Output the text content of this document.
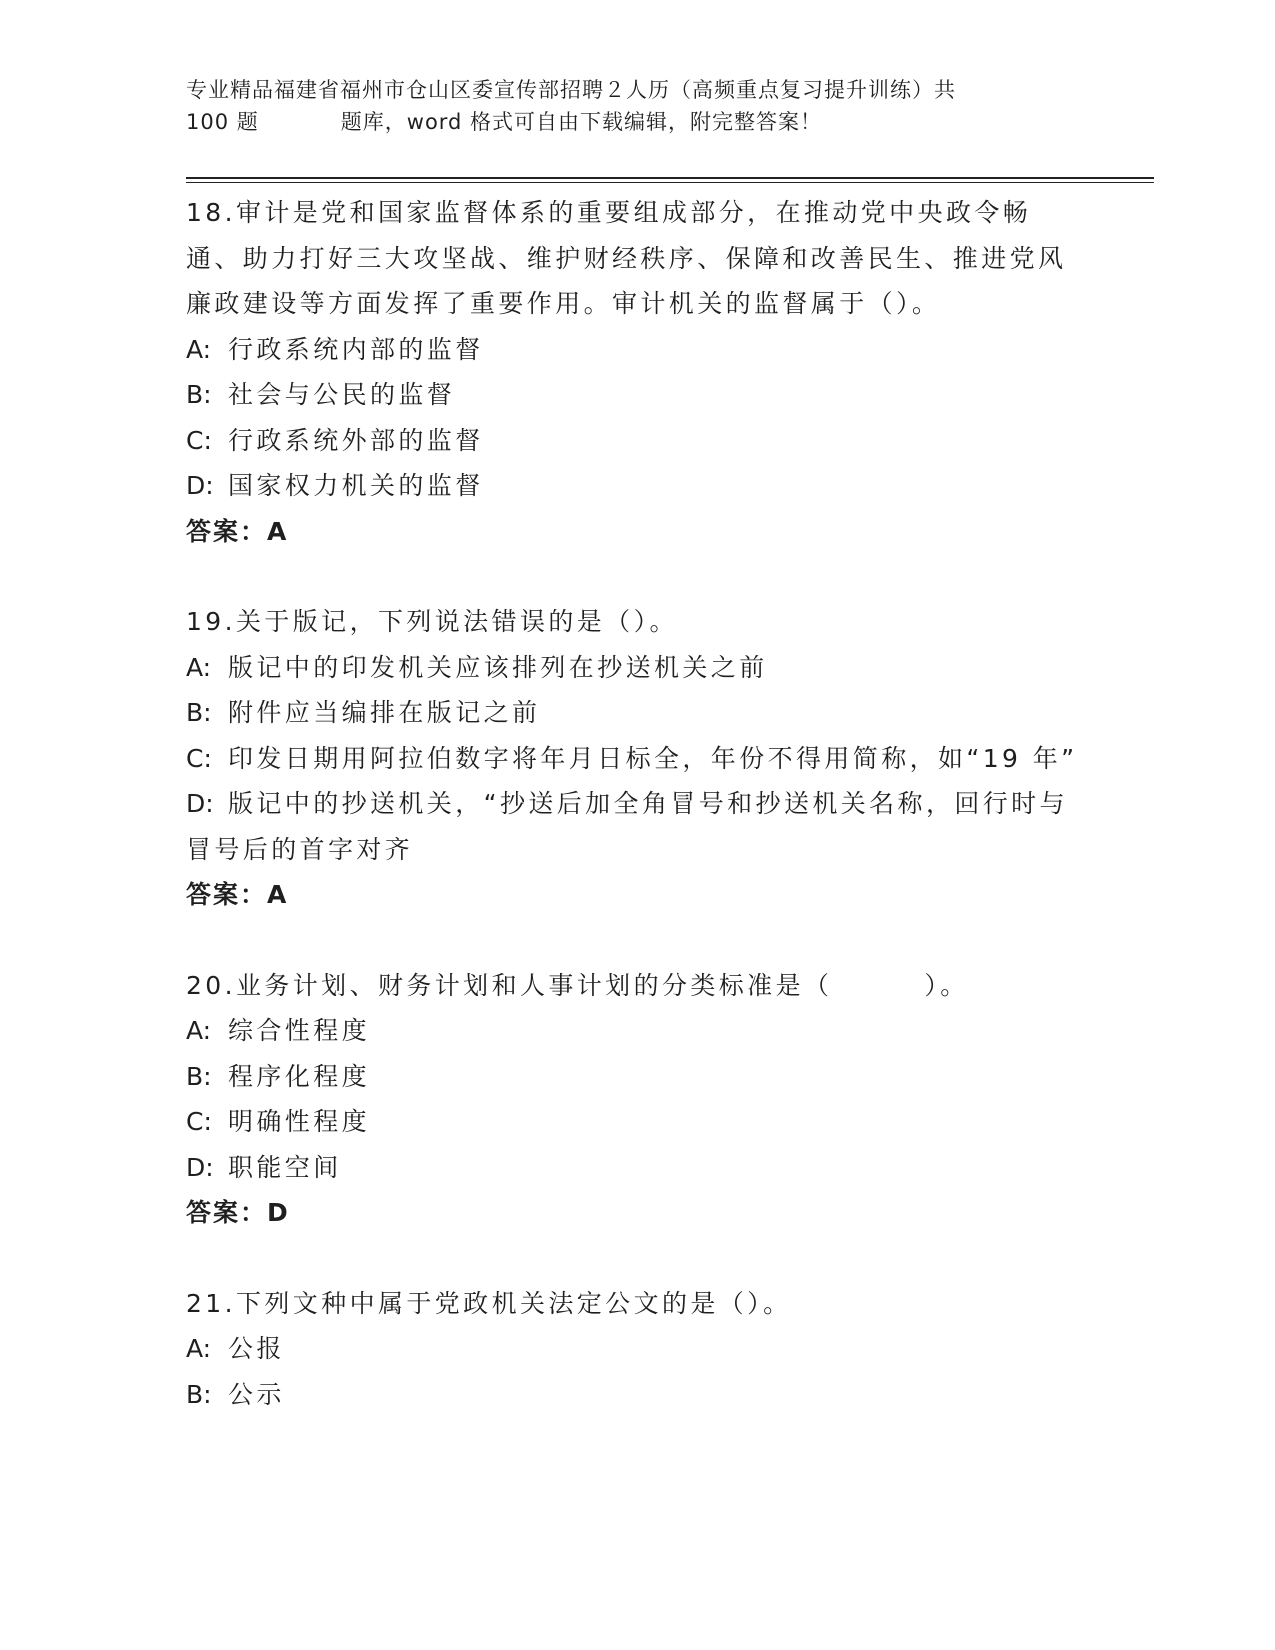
专业精品福建省福州市仓山区委宣传部招聘２人历（高频重点复习提升训练）共
100 题	题库，word 格式可自由下载编辑，附完整答案！

18.审计是党和国家监督体系的重要组成部分，在推动党中央政令畅通、助力打好三大攻坚战、维护财经秩序、保障和改善民生、推进党风廉政建设等方面发挥了重要作用。审计机关的监督属于（）。

A: 行政系统内部的监督

B: 社会与公民的监督

C: 行政系统外部的监督

D: 国家权力机关的监督

答案：A

19.关于版记，下列说法错误的是（）。

A: 版记中的印发机关应该排列在抄送机关之前

B: 附件应当编排在版记之前

C: 印发日期用阿拉伯数字将年月日标全，年份不得用简称，如“19 年”

D: 版记中的抄送机关，“抄送后加全角冒号和抄送机关名称，回行时与冒号后的首字对齐

答案：A

20.业务计划、财务计划和人事计划的分类标准是（	）。

A: 综合性程度

B: 程序化程度

C: 明确性程度

D: 职能空间

答案：D

21.下列文种中属于党政机关法定公文的是（）。

A: 公报

B: 公示
